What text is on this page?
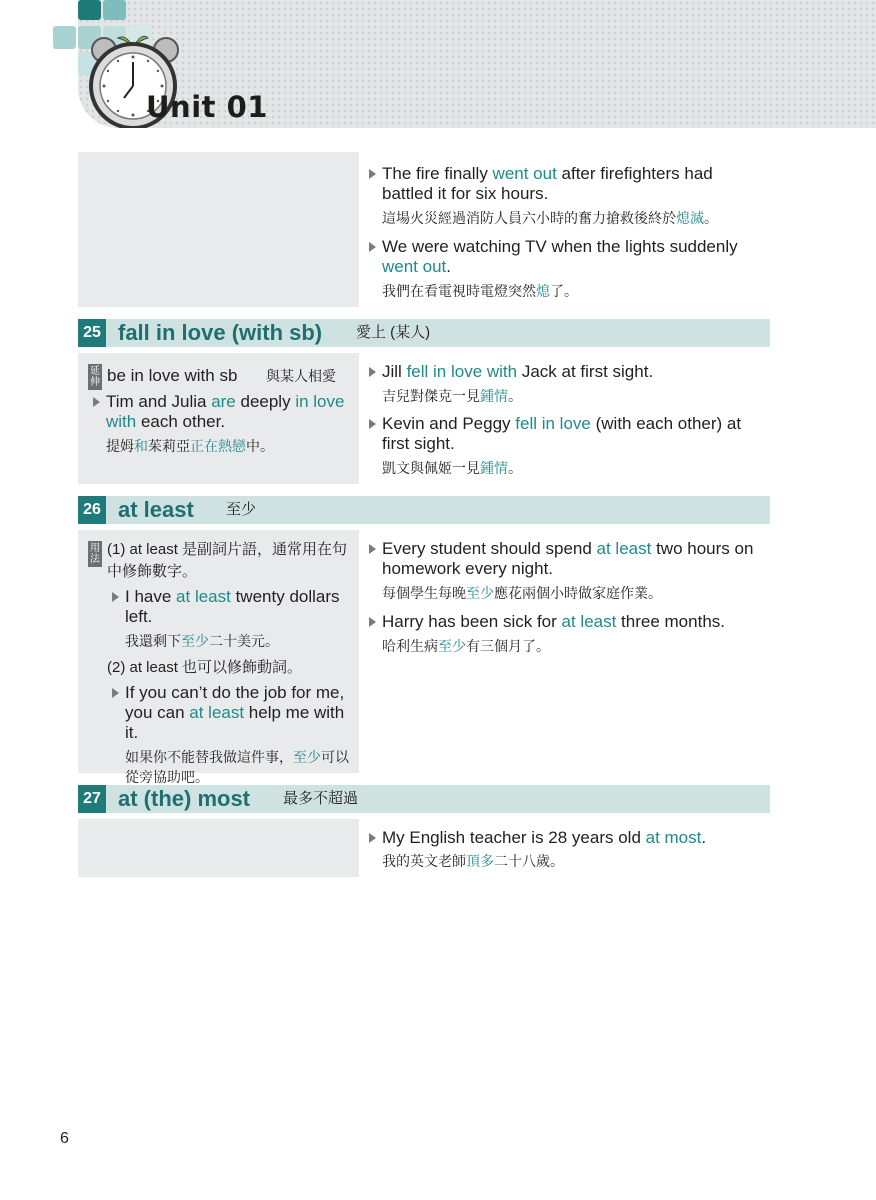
Unit 01
The fire finally went out after firefighters had battled it for six hours.
這場火災經過消防人員六小時的奮力搶救後終於熄滅。
We were watching TV when the lights suddenly went out.
我們在看電視時電燈突然熄了。
25 fall in love (with sb) 愛上 (某人)
延伸 be in love with sb 與某人相愛
Tim and Julia are deeply in love with each other.
提姆和茱莉亞正在熱戀中。
Jill fell in love with Jack at first sight.
吉兒對傑克一見鍾情。
Kevin and Peggy fell in love (with each other) at first sight.
凱文與佩姬一見鍾情。
26 at least 至少
用法
(1) at least 是副詞片語，通常用在句中修飾數字。
I have at least twenty dollars left.
我還剩下至少二十美元。
(2) at least 也可以修飾動詞。
If you can’t do the job for me, you can at least help me with it.
如果你不能替我做這件事，至少可以從旁協助吧。
Every student should spend at least two hours on homework every night.
每個學生每晚至少應花兩個小時做家庭作業。
Harry has been sick for at least three months.
哈利生病至少有三個月了。
27 at (the) most 最多不超過
My English teacher is 28 years old at most.
我的英文老師頂多二十八歲。
6
